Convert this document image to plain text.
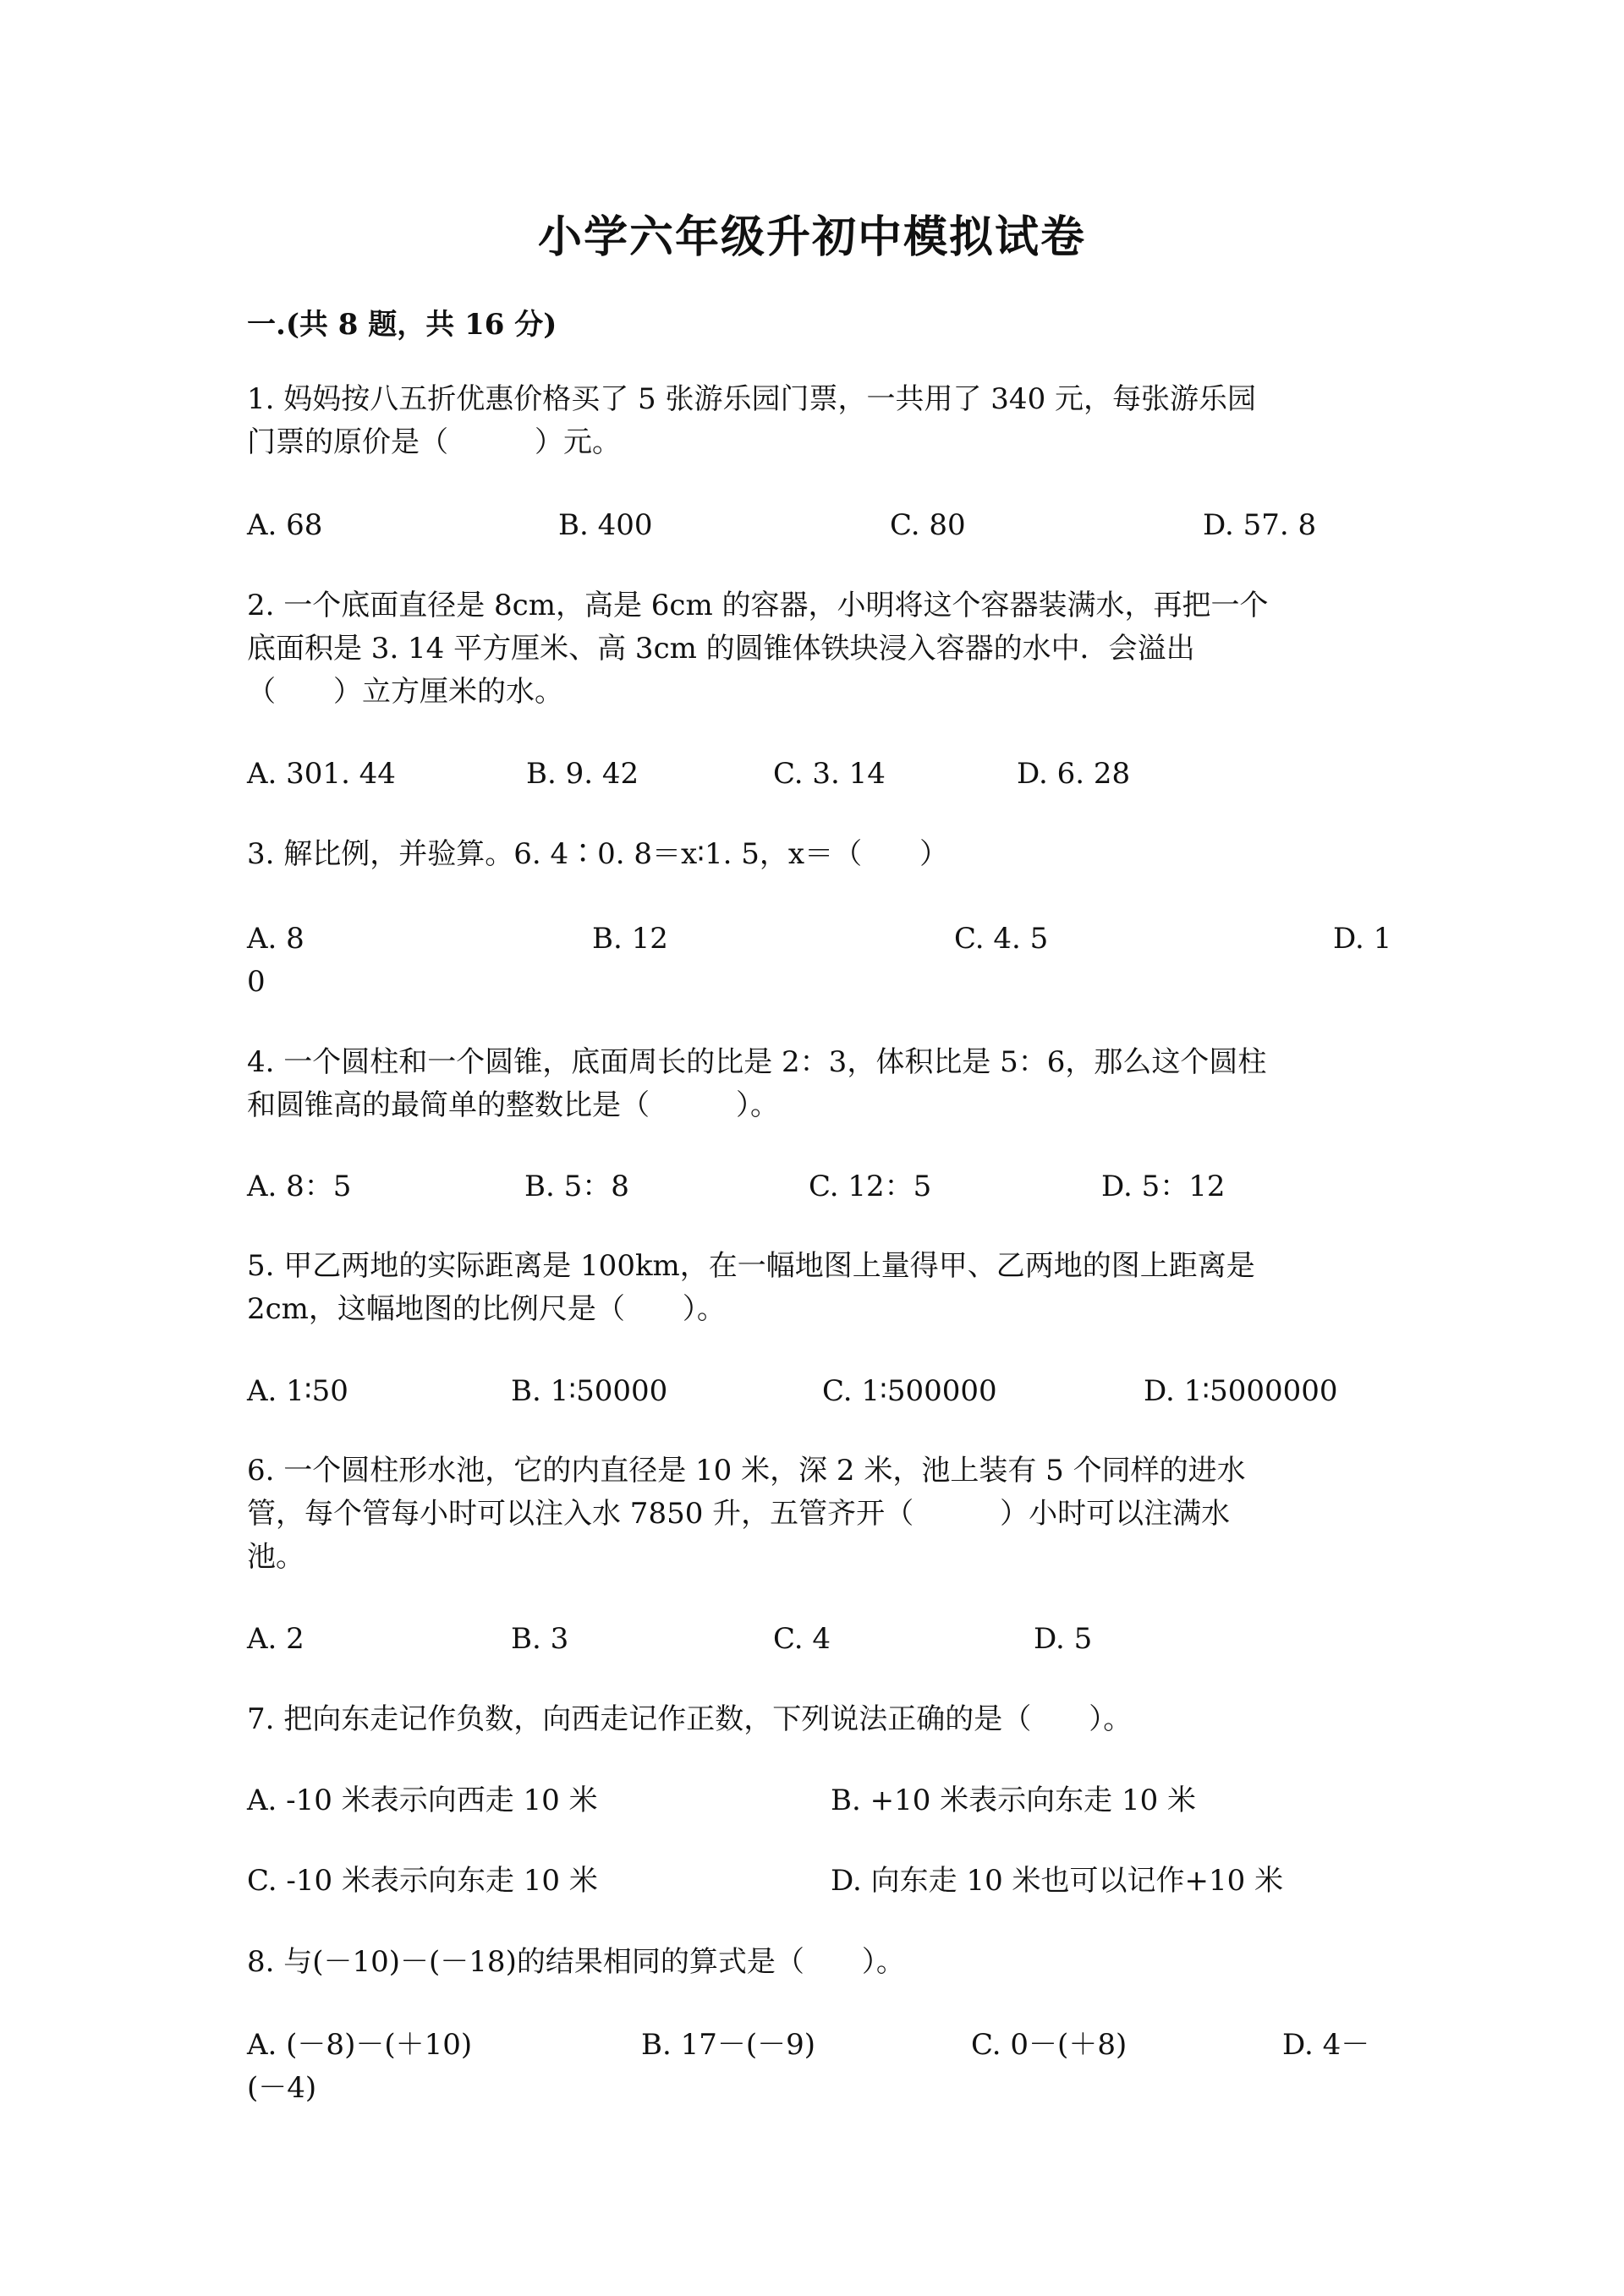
小学六年级升初中模拟试卷
一.(共 8 题，共 16 分)
1. 妈妈按八五折优惠价格买了 5 张游乐园门票，一共用了 340 元，每张游乐园
门票的原价是（　　　）元。
A. 68	B. 400	C. 80	D. 57. 8
2. 一个底面直径是 8cm，高是 6cm 的容器，小明将这个容器装满水，再把一个
底面积是 3. 14 平方厘米、高 3cm 的圆锥体铁块浸入容器的水中．会溢出
（　　）立方厘米的水。
A. 301. 44	B. 9. 42	C. 3. 14	D. 6. 28
3. 解比例，并验算。6. 4∶0. 8＝x∶1. 5，x＝（　　）
A. 8	B. 12	C. 4. 5	D. 1
0
4. 一个圆柱和一个圆锥，底面周长的比是 2：3，体积比是 5：6，那么这个圆柱
和圆锥高的最简单的整数比是（　　　）。
A. 8：5	B. 5：8	C. 12：5	D. 5：12
5. 甲乙两地的实际距离是 100km，在一幅地图上量得甲、乙两地的图上距离是
2cm，这幅地图的比例尺是（　　）。
A. 1∶50	B. 1∶50000	C. 1∶500000	D. 1∶5000000
6. 一个圆柱形水池，它的内直径是 10 米，深 2 米，池上装有 5 个同样的进水
管，每个管每小时可以注入水 7850 升，五管齐开（　　　）小时可以注满水
池。
A. 2	B. 3	C. 4	D. 5
7. 把向东走记作负数，向西走记作正数，下列说法正确的是（　　）。
A. -10 米表示向西走 10 米	B. +10 米表示向东走 10 米
C. -10 米表示向东走 10 米	D. 向东走 10 米也可以记作+10 米
8. 与(－10)－(－18)的结果相同的算式是（　　）。
A. (－8)－(＋10)	B. 17－(－9)	C. 0－(＋8)	D. 4－
(－4)
